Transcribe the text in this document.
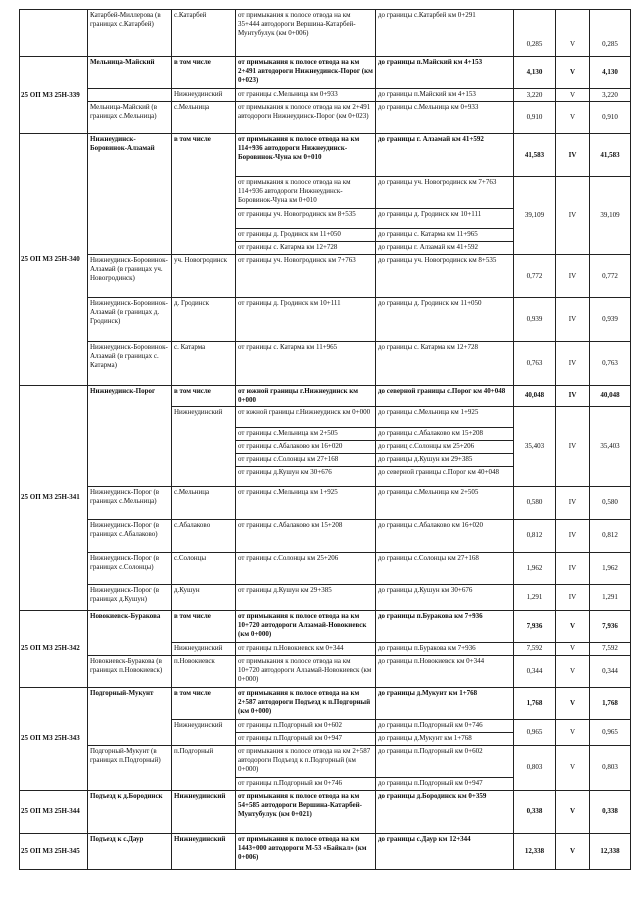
	Катарбей-Миллерова (в границах с.Катарбей)	с.Катарбей	от примыкания к полосе отвода на км 35+444 автодороги Вершина-Катарбей-Мунтубулук (км 0+006)	до границы с.Катарбей км 0+291	0,285	V	0,285
25 ОП МЗ 25Н-339	Мельница-Майский	в том числе	от примыкания к полосе отвода на км 2+491 автодороги Нижнеудинск-Порог (км 0+023)	до границы п.Майский км 4+153	4,130	V	4,130
		Нижнеудинский	от границы с.Мельница км 0+933	до границы п.Майский км 4+153	3,220	V	3,220
	Мельница-Майский (в границах с.Мельница)	с.Мельница	от примыкания к полосе отвода на км 2+491 автодороги Нижнеудинск-Порог (км 0+023)	до границы с.Мельница км 0+933	0,910	V	0,910
25 ОП МЗ 25Н-340	Нижнеудинск-Боровинок-Алзамай	в том числе	от примыкания к полосе отвода на км 114+936 автодороги Нижнеудинск-Боровинок-Чуна км 0+010	до границы г. Алзамай км 41+592	41,583	IV	41,583
			от примыкания к полосе отвода на км 114+936 автодороги Нижнеудинск-Боровинок-Чуна км 0+010	до границы уч. Новогродинск км 7+763	39,109	IV	39,109
			от границы уч. Новогродинск км 8+535	до границы д. Гродинск км 10+111			
			от границы д. Гродинск км 11+050	до границы с. Катарма км 11+965			
			от границы с. Катарма км 12+728	до границы г. Алзамай км 41+592			
	Нижнеудинск-Боровинок-Алзамай (в границах уч. Новогродинск)	уч. Новогродинск	от границы уч. Новогродинск км 7+763	до границы уч. Новогродинск км 8+535	0,772	IV	0,772
	Нижнеудинск-Боровинок-Алзамай (в границах д. Гродинск)	д. Гродинск	от границы д. Гродинск км 10+111	до границы д. Гродинск км 11+050	0,939	IV	0,939
	Нижнеудинск-Боровинок-Алзамай (в границах с. Катарма)	с. Катарма	от границы с. Катарма км 11+965	до границы с. Катарма км 12+728	0,763	IV	0,763
25 ОП МЗ 25Н-341	Нижнеудинск-Порог	в том числе	от южной границы г.Нижнеудинск км 0+000	до северной границы с.Порог км 40+048	40,048	IV	40,048
		Нижнеудинский	от южной границы г.Нижнеудинск км 0+000	до границы с.Мельница км 1+925	35,403	IV	35,403
			от границы с.Мельница км 2+505	до границы с.Абалаково км 15+208			
			от границы с.Абалаково км 16+020	до границ с.Солонцы км 25+206			
			от границы с.Солонцы км 27+168	до границы д.Кушун км 29+385			
			от границы д.Кушун км 30+676	до северной границы с.Порог км 40+048			
	Нижнеудинск-Порог (в границах с.Мельница)	с.Мельница	от границы с.Мельница км 1+925	до границы с.Мельница км 2+505	0,580	IV	0,580
	Нижнеудинск-Порог (в границах с.Абалаково)	с.Абалаково	от границы с.Абалаково км 15+208	до границы с.Абалаково км 16+020	0,812	IV	0,812
	Нижнеудинск-Порог (в границах с.Солонцы)	с.Солонцы	от границы с.Солонцы км 25+206	до границы с.Солонцы км 27+168	1,962	IV	1,962
	Нижнеудинск-Порог (в границах д.Кушун)	д.Кушун	от границы д.Кушун км 29+385	до границы д.Кушун км 30+676	1,291	IV	1,291
25 ОП МЗ 25Н-342	Новокиевск-Буракова	в том числе	от примыкания к полосе отвода на км 10+720 автодороги Алзамай-Новокиевск (км 0+000)	до границы п.Буракова км 7+936	7,936	V	7,936
		Нижнеудинский	от границы п.Новокиевск км 0+344	до границы п.Буракова км 7+936	7,592	V	7,592
	Новокиевск-Буракова (в границах п.Новокиевск)	п.Новокиевск	от примыкания к полосе отвода на км 10+720 автодороги Алзамай-Новокиевск (км 0+000)	до границы п.Новокиевск км 0+344	0,344	V	0,344
25 ОП МЗ 25Н-343	Подгорный-Мукунт	в том числе	от примыкания к полосе отвода на км 2+587 автодороги Подъезд к п.Подгорный (км 0+000)	до границы д.Мукунт км 1+768	1,768	V	1,768
		Нижнеудинский	от границы п.Подгорный км 0+602	до границы п.Подгорный км 0+746	0,965	V	0,965
			от границы п.Подгорный км 0+947	до границы д.Мукунт км 1+768			
	Подгорный-Мукунт (в границах п.Подгорный)	п.Подгорный	от примыкания к полосе отвода на км 2+587 автодороги Подъезд к п.Подгорный (км 0+000)	до границы п.Подгорный км 0+602	0,803	V	0,803
			от границы п.Подгорный км 0+746	до границы п.Подгорный км 0+947			
25 ОП МЗ 25Н-344	Подъезд к д.Бородинск	Нижнеудинский	от примыкания к полосе отвода на км 54+585 автодороги Вершина-Катарбей-Мунтубулук (км 0+021)	до границы д.Бородинск км 0+359	0,338	V	0,338
25 ОП МЗ 25Н-345	Подъезд к с.Даур	Нижнеудинский	от примыкания к полосе отвода на км 1443+000 автодороги М-53 «Байкал» (км 0+006)	до границы с.Даур км 12+344	12,338	V	12,338
